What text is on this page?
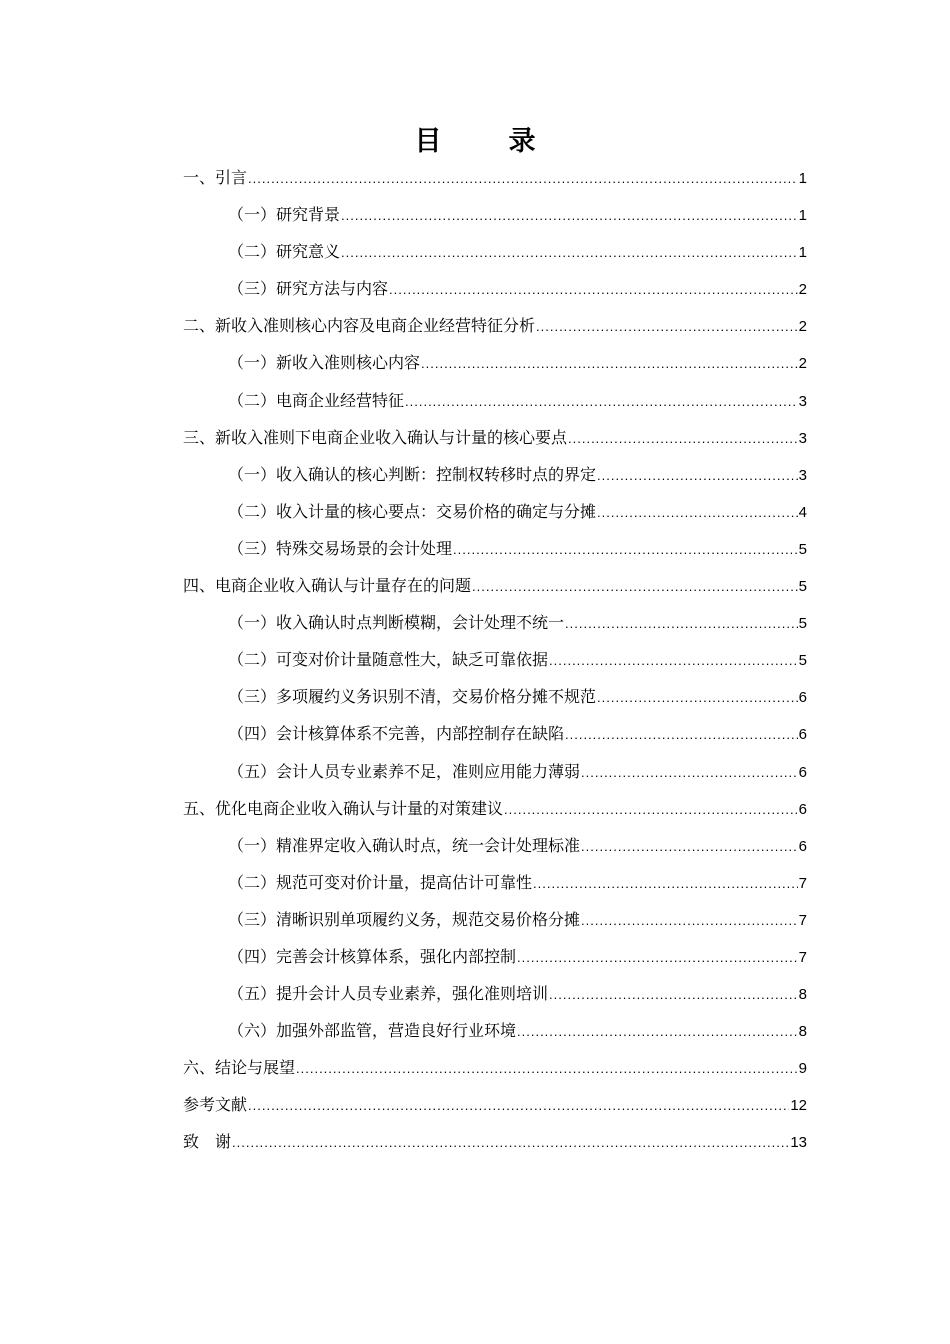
目　录
一、引言 .....	1
（一）研究背景 .....	1
（二）研究意义 .....	1
（三）研究方法与内容 .....	2
二、新收入准则核心内容及电商企业经营特征分析 .....	2
（一）新收入准则核心内容 .....	2
（二）电商企业经营特征 .....	3
三、新收入准则下电商企业收入确认与计量的核心要点 .....	3
（一）收入确认的核心判断：控制权转移时点的界定 .....	3
（二）收入计量的核心要点：交易价格的确定与分摊 .....	4
（三）特殊交易场景的会计处理 .....	5
四、电商企业收入确认与计量存在的问题 .....	5
（一）收入确认时点判断模糊，会计处理不统一 .....	5
（二）可变对价计量随意性大，缺乏可靠依据 .....	5
（三）多项履约义务识别不清，交易价格分摊不规范 .....	6
（四）会计核算体系不完善，内部控制存在缺陷 .....	6
（五）会计人员专业素养不足，准则应用能力薄弱 .....	6
五、优化电商企业收入确认与计量的对策建议 .....	6
（一）精准界定收入确认时点，统一会计处理标准 .....	6
（二）规范可变对价计量，提高估计可靠性 .....	7
（三）清晰识别单项履约义务，规范交易价格分摊 .....	7
（四）完善会计核算体系，强化内部控制 .....	7
（五）提升会计人员专业素养，强化准则培训 .....	8
（六）加强外部监管，营造良好行业环境 .....	8
六、结论与展望 .....	9
参考文献 .....	12
致　谢 .....	13
